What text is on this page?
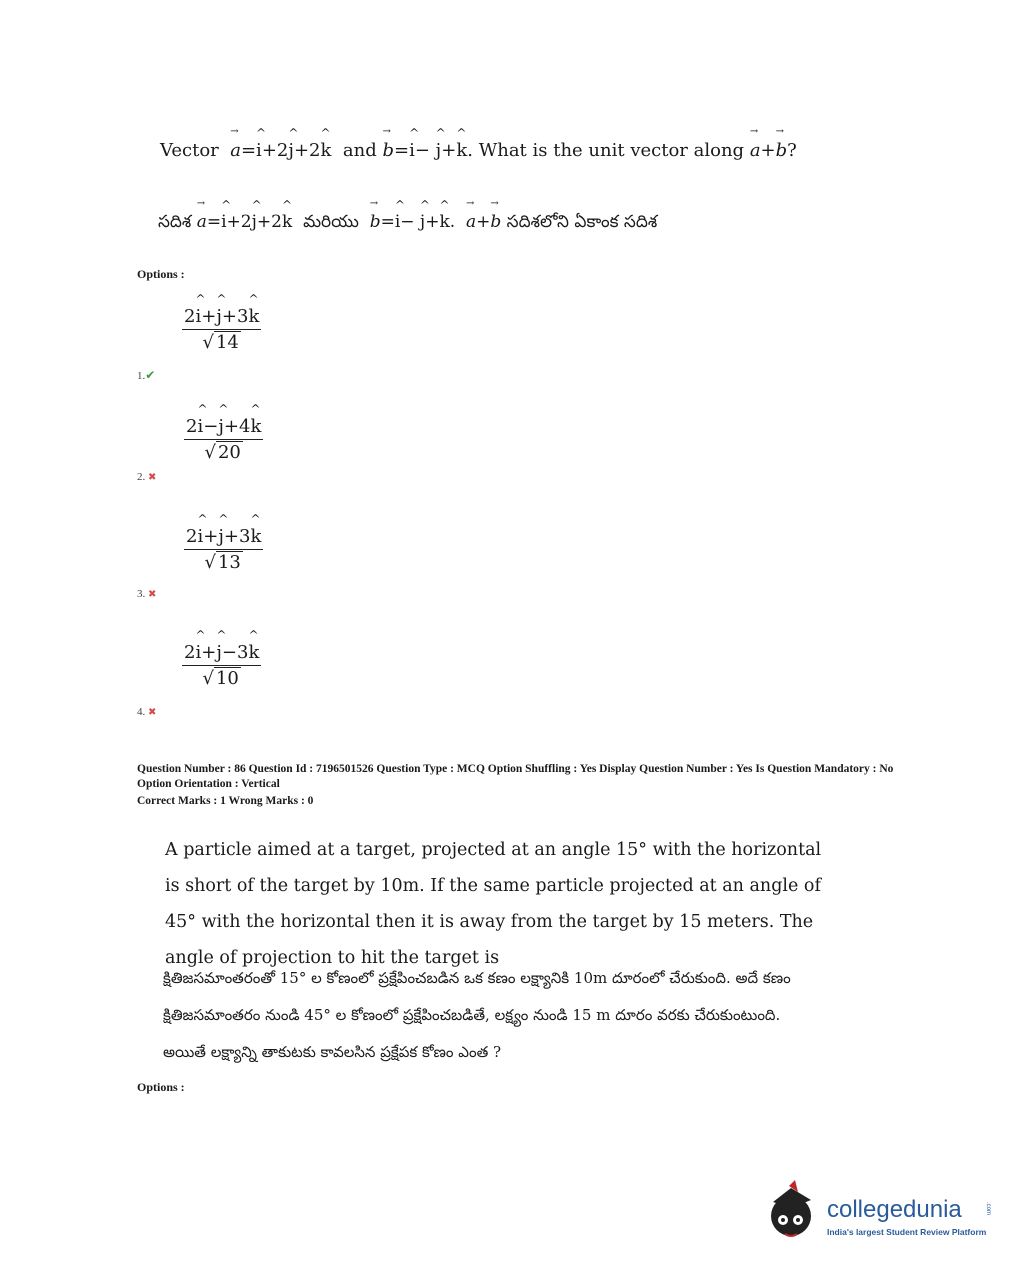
Vector → a=^ i+2^ j+2^ k and → b=^ i− ^ j+^ k. What is the unit vector along → a+→ b?
సదిశ → a=^ i+2^ j+2^ k మరియు → b=^ i− ^ j+^ k.  → a+→ b సదిశలోని ఏకాంక సదిశ
Options :
$\frac{2\^{} i+\^{} j+3\^{} k}{√ 14}$
1.✔
$\frac{2\^{} i-\^{} j+4\^{} k}{√ 20}$
2. ✖
$\frac{2\^{} i+\^{} j+3\^{} k}{√ 13}$
3. ✖
$\frac{2\^{} i+\^{} j-3\^{} k}{√ 10}$
4. ✖
Question Number : 86 Question Id : 7196501526 Question Type : MCQ Option Shuffling : Yes Display Question Number : Yes Is Question Mandatory : No Option Orientation : Vertical
Correct Marks : 1 Wrong Marks : 0
A particle aimed at a target, projected at an angle 15° with the horizontal is short of the target by 10m. If the same particle projected at an angle of 45° with the horizontal then it is away from the target by 15 meters. The angle of projection to hit the target is
క్షితిజసమాంతరంతో 15° ల కోణంలో ప్రక్షేపించబడిన ఒక కణం లక్ష్యానికి 10m దూరంలో చేరుకుంది. అదే కణం క్షితిజసమాంతరం నుండి 45° ల కోణంలో ప్రక్షేపించబడితే, లక్ష్యం నుండి 15 m దూరం వరకు చేరుకుంటుంది. అయితే లక్ష్యాన్ని తాకుటకు కావలసిన ప్రక్షేపక కోణం ఎంత ?
Options :
collegedunia
India's largest Student Review Platform
.com
